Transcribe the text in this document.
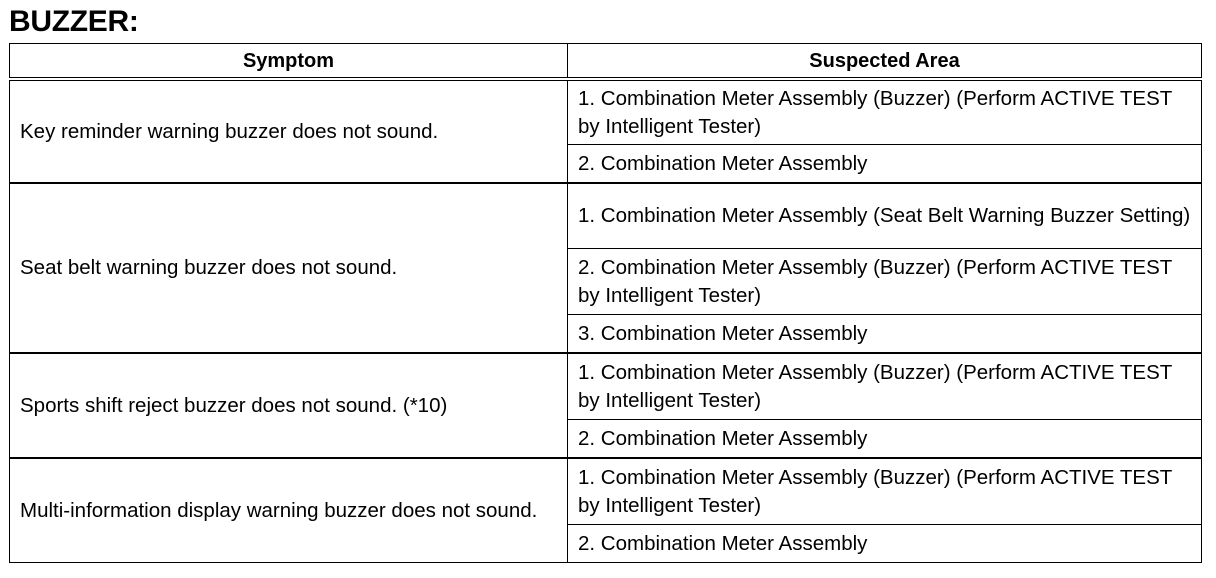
BUZZER:
Symptom	Suspected Area
Key reminder warning buzzer does not sound.	1. Combination Meter Assembly (Buzzer) (Perform ACTIVE TEST by Intelligent Tester)
	2. Combination Meter Assembly
Seat belt warning buzzer does not sound.	1. Combination Meter Assembly (Seat Belt Warning Buzzer Setting)
	2. Combination Meter Assembly (Buzzer) (Perform ACTIVE TEST by Intelligent Tester)
	3. Combination Meter Assembly
Sports shift reject buzzer does not sound. (*10)	1. Combination Meter Assembly (Buzzer) (Perform ACTIVE TEST by Intelligent Tester)
	2. Combination Meter Assembly
Multi-information display warning buzzer does not sound.	1. Combination Meter Assembly (Buzzer) (Perform ACTIVE TEST by Intelligent Tester)
	2. Combination Meter Assembly
